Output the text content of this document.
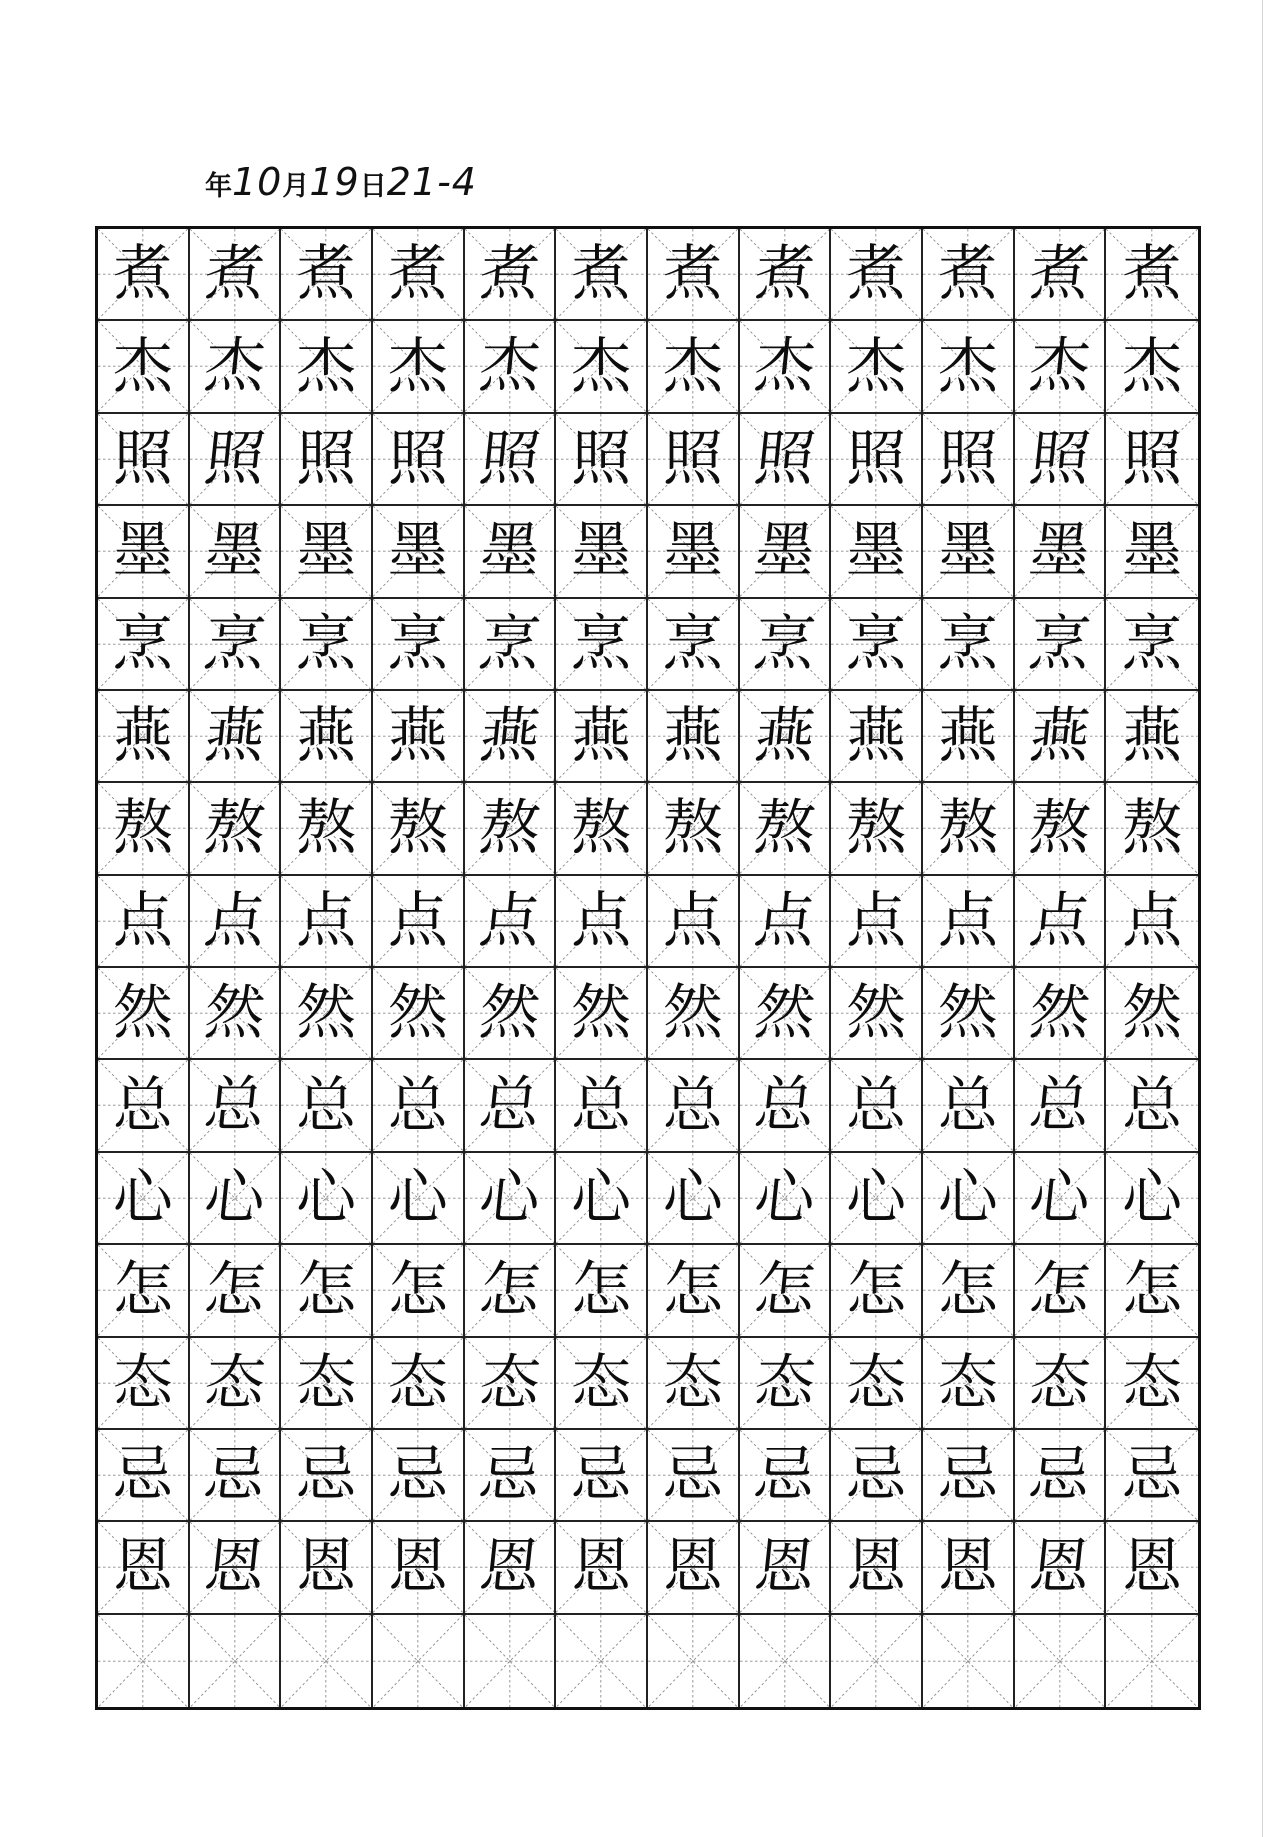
年10月19日21-4
煮 煮 煮 煮 煮 煮 煮 煮 煮 煮 煮 煮
杰 杰 杰 杰 杰 杰 杰 杰 杰 杰 杰 杰
照 照 照 照 照 照 照 照 照 照 照 照
墨 墨 墨 墨 墨 墨 墨 墨 墨 墨 墨 墨
烹 烹 烹 烹 烹 烹 烹 烹 烹 烹 烹 烹
燕 燕 燕 燕 燕 燕 燕 燕 燕 燕 燕 燕
熬 熬 熬 熬 熬 熬 熬 熬 熬 熬 熬 熬
点 点 点 点 点 点 点 点 点 点 点 点
然 然 然 然 然 然 然 然 然 然 然 然
总 总 总 总 总 总 总 总 总 总 总 总
心 心 心 心 心 心 心 心 心 心 心 心
怎 怎 怎 怎 怎 怎 怎 怎 怎 怎 怎 怎
态 态 态 态 态 态 态 态 态 态 态 态
忌 忌 忌 忌 忌 忌 忌 忌 忌 忌 忌 忌
恩 恩 恩 恩 恩 恩 恩 恩 恩 恩 恩 恩
